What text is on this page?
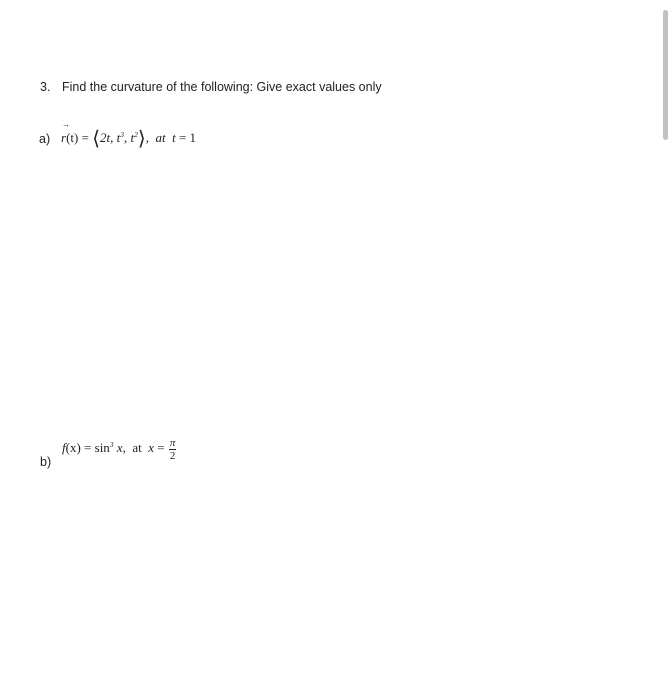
3. Find the curvature of the following: Give exact values only
a)
→
r(t) = ⟨2t, $t^3$, $t^2⟩$, at t = 1
$f(x) = \sin^3 x$, at $x = \frac{\pi}{2}$
b)
